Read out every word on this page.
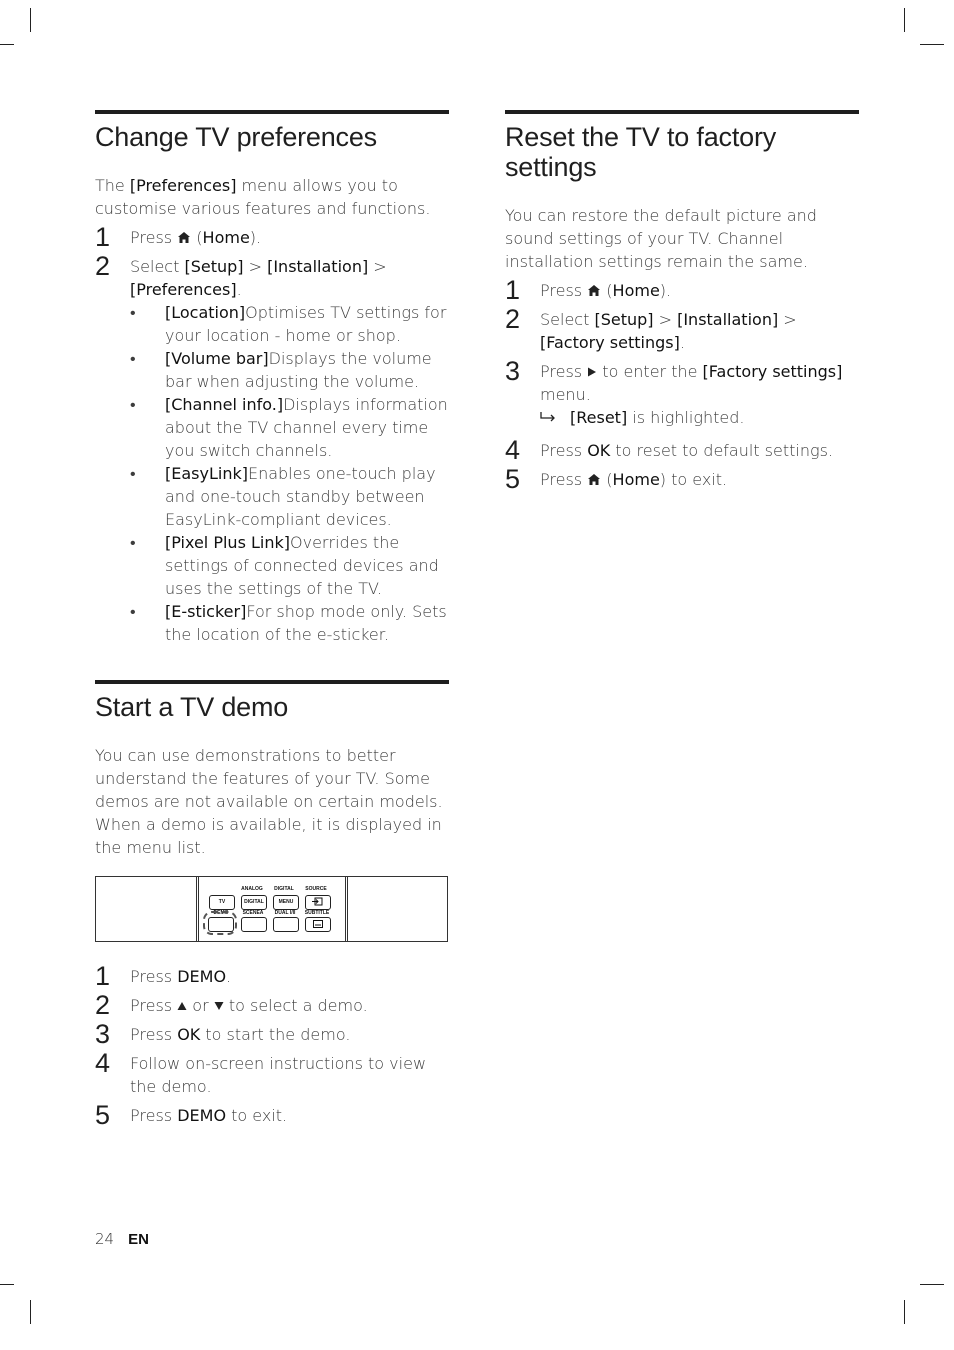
Change TV preferences

The [Preferences] menu allows you to customise various features and functions.

1 Press  (Home).
2 Select [Setup] > [Installation] > [Preferences].
• [Location]Optimises TV settings for your location - home or shop.
• [Volume bar]Displays the volume bar when adjusting the volume.
• [Channel info.]Displays information about the TV channel every time you switch channels.
• [EasyLink]Enables one-touch play and one-touch standby between EasyLink-compliant devices.
• [Pixel Plus Link]Overrides the settings of connected devices and uses the settings of the TV.
• [E-sticker]For shop mode only. Sets the location of the e-sticker.
Start a TV demo

You can use demonstrations to better understand the features of your TV. Some demos are not available on certain models. When a demo is available, it is displayed in the menu list.

ANALOG	DIGITAL	SOURCE
TV	DIGITAL	MENU
DEMO	SCENEA	DUAL I/II	SUBTITLE
1 Press DEMO.
2 Press  or  to select a demo.
3 Press OK to start the demo.
4 Follow on-screen instructions to view the demo.
5 Press DEMO to exit.
Reset the TV to factory
settings

You can restore the default picture and sound settings of your TV. Channel installation settings remain the same.

1 Press  (Home).
2 Select [Setup] > [Installation] > [Factory settings].
3 Press  to enter the [Factory settings] menu.
[Reset] is highlighted.
4 Press OK to reset to default settings.
5 Press  (Home) to exit.
24 EN
